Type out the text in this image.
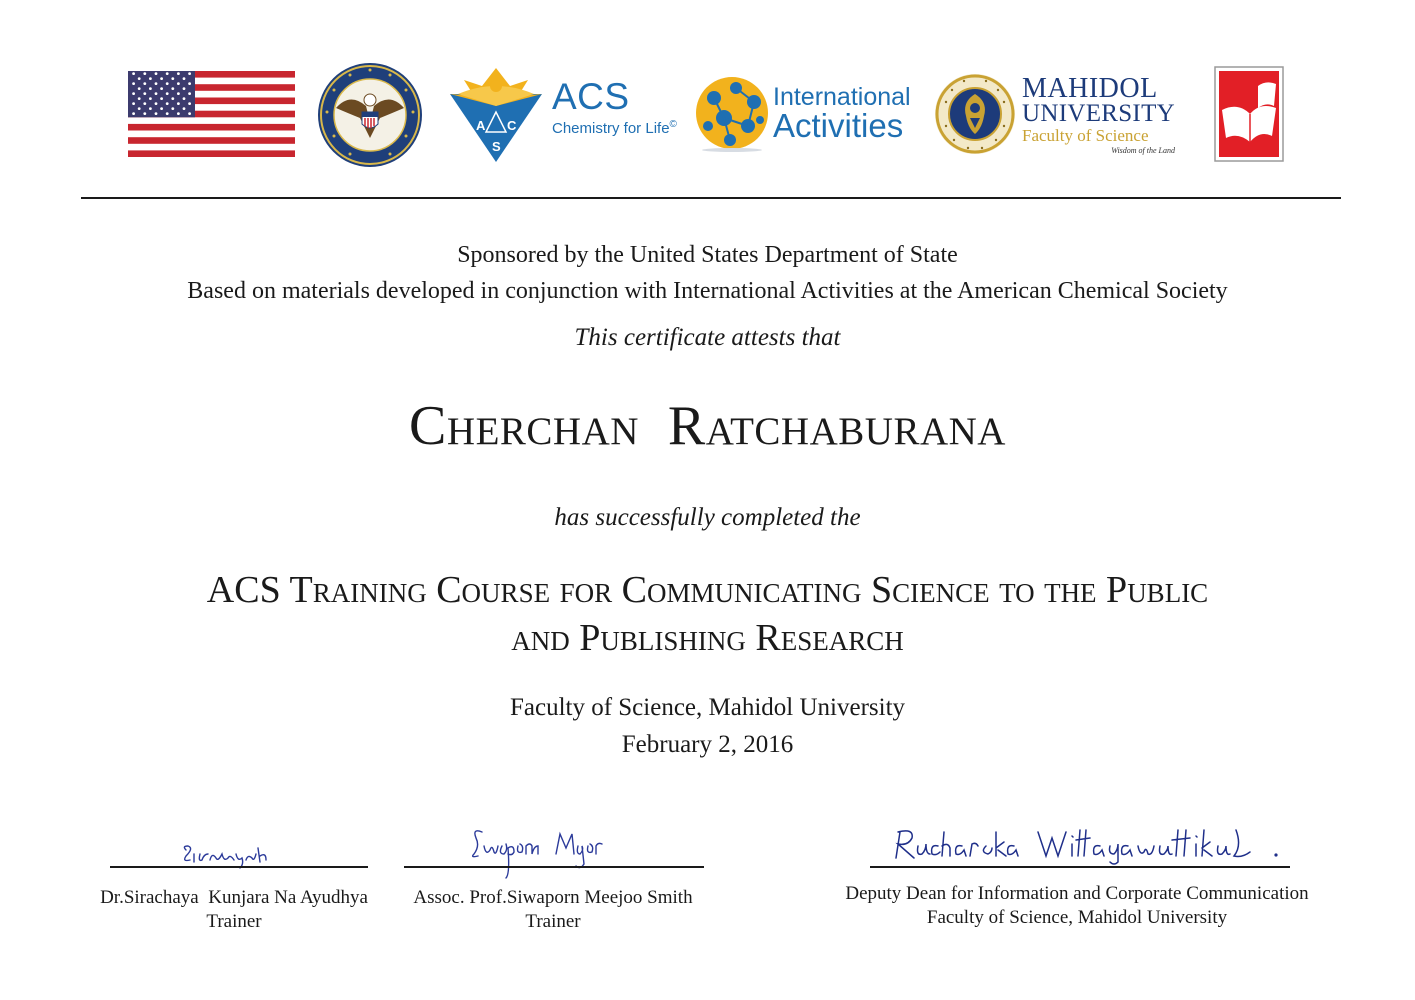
A C
S
ACS
Chemistry for Life©
International
Activities
MAHIDOL
UNIVERSITY
Faculty of Science
Wisdom of the Land
Sponsored by the United States Department of State
Based on materials developed in conjunction with International Activities at the American Chemical Society
This certificate attests that
Cherchan  Ratchaburana
has successfully completed the
ACS Training Course for Communicating Science to the Public
and Publishing Research
Faculty of Science, Mahidol University
February 2, 2016
Dr.Sirachaya  Kunjara Na Ayudhya
Trainer
Assoc. Prof.Siwaporn Meejoo Smith
Trainer
Deputy Dean for Information and Corporate Communication
Faculty of Science, Mahidol University
